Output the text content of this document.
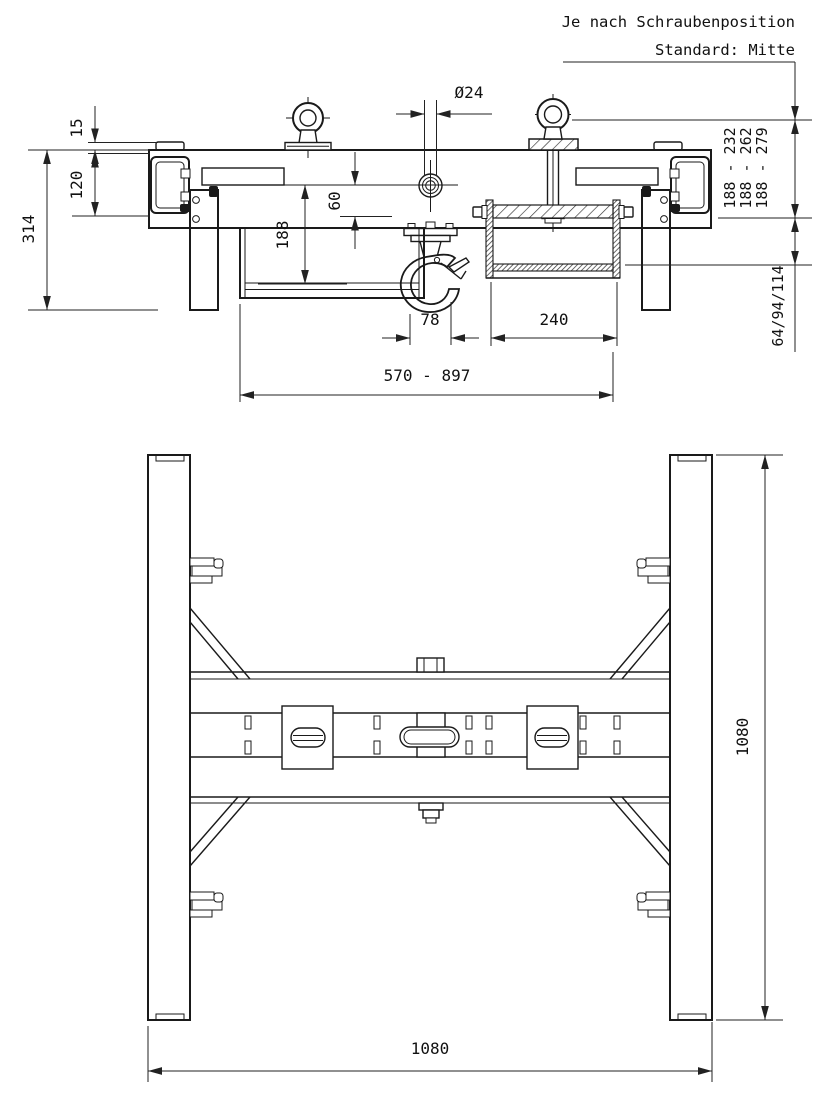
Je nach Schraubenposition
Standard: Mitte
15
120
314
Ø24
60
188
78	240
570 - 897
188 - 232
188 - 262
188 - 279
64/94/114
1080
1080
